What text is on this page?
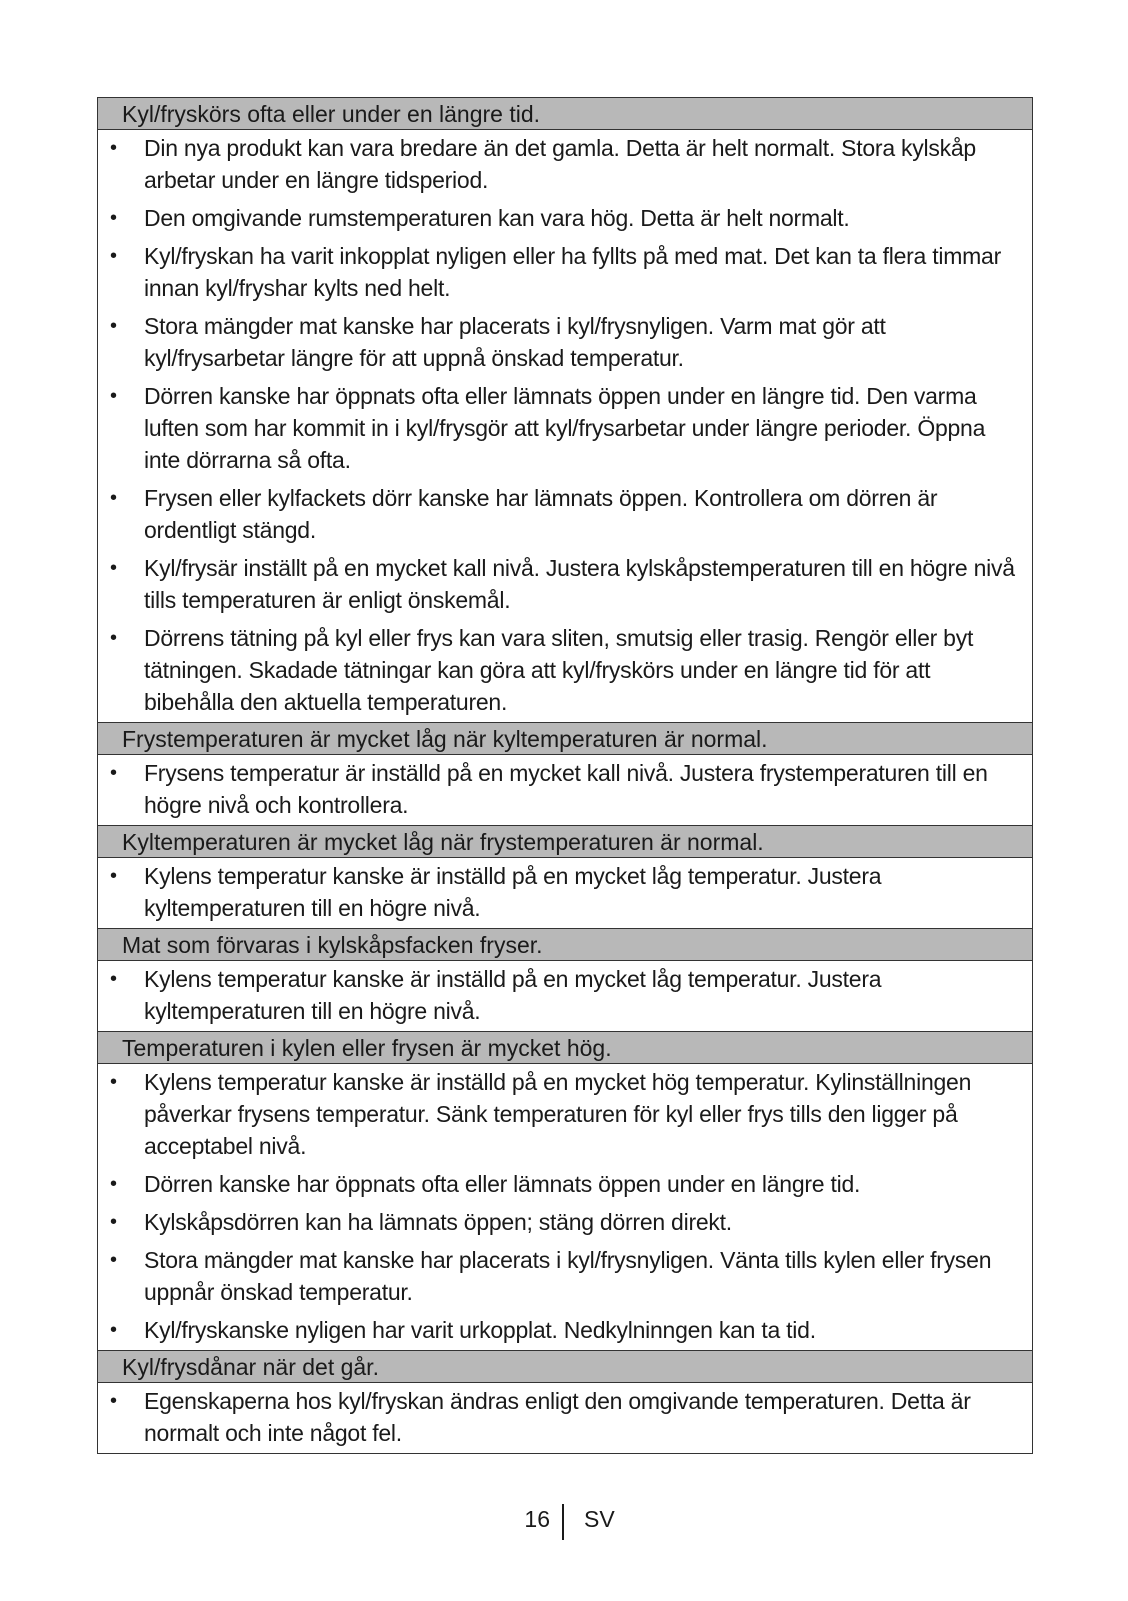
Kyl/fryskörs ofta eller under en längre tid.
•	Din nya produkt kan vara bredare än det gamla. Detta är helt normalt. Stora kylskåp arbetar under en längre tidsperiod.
•	Den omgivande rumstemperaturen kan vara hög. Detta är helt normalt.
•	Kyl/fryskan ha varit inkopplat nyligen eller ha fyllts på med mat. Det kan ta flera timmar innan kyl/fryshar kylts ned helt.
•	Stora mängder mat kanske har placerats i kyl/frysnyligen. Varm mat gör att kyl/frysarbetar längre för att uppnå önskad temperatur.
•	Dörren kanske har öppnats ofta eller lämnats öppen under en längre tid. Den varma luften som har kommit in i kyl/frysgör att kyl/frysarbetar under längre perioder. Öppna inte dörrarna så ofta.
•	Frysen eller kylfackets dörr kanske har lämnats öppen. Kontrollera om dörren är ordentligt stängd.
•	Kyl/frysär inställt på en mycket kall nivå. Justera kylskåpstemperaturen till en högre nivå tills temperaturen är enligt önskemål.
•	Dörrens tätning på kyl eller frys kan vara sliten, smutsig eller trasig. Rengör eller byt tätningen. Skadade tätningar kan göra att kyl/fryskörs under en längre tid för att bibehålla den aktuella temperaturen.
Frystemperaturen är mycket låg när kyltemperaturen är normal.
•	Frysens temperatur är inställd på en mycket kall nivå. Justera frystemperaturen till en högre nivå och kontrollera.
Kyltemperaturen är mycket låg när frystemperaturen är normal.
•	Kylens temperatur kanske är inställd på en mycket låg temperatur. Justera kyltemperaturen till en högre nivå.
Mat som förvaras i kylskåpsfacken fryser.
•	Kylens temperatur kanske är inställd på en mycket låg temperatur. Justera kyltemperaturen till en högre nivå.
Temperaturen i kylen eller frysen är mycket hög.
•	Kylens temperatur kanske är inställd på en mycket hög temperatur. Kylinställningen påverkar frysens temperatur. Sänk temperaturen för kyl eller frys tills den ligger på acceptabel nivå.
•	Dörren kanske har öppnats ofta eller lämnats öppen under en längre tid.
•	Kylskåpsdörren kan ha lämnats öppen; stäng dörren direkt.
•	Stora mängder mat kanske har placerats i kyl/frysnyligen. Vänta tills kylen eller frysen uppnår önskad temperatur.
•	Kyl/fryskanske nyligen har varit urkopplat. Nedkylninngen kan ta tid.
Kyl/frysdånar när det går.
•	Egenskaperna hos kyl/fryskan ändras enligt den omgivande temperaturen. Detta är normalt och inte något fel.
16 SV
